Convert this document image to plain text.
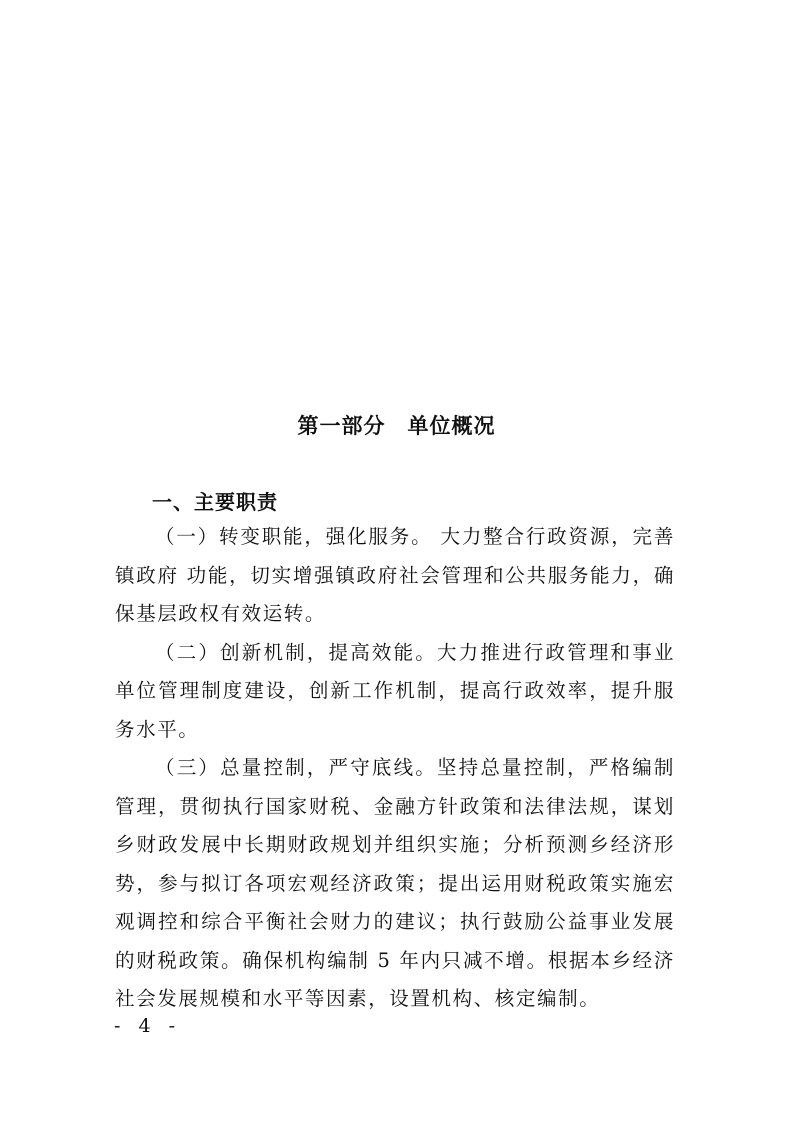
第一部分　单位概况
一、主要职责

（一）转变职能，强化服务。 大力整合行政资源，完善镇政府 功能，切实增强镇政府社会管理和公共服务能力，确保基层政权有效运转。

（二）创新机制，提高效能。大力推进行政管理和事业单位管理制度建设，创新工作机制，提高行政效率，提升服务水平。

（三）总量控制，严守底线。坚持总量控制，严格编制管理，贯彻执行国家财税、金融方针政策和法律法规，谋划乡财政发展中长期财政规划并组织实施；分析预测乡经济形势，参与拟订各项宏观经济政策；提出运用财税政策实施宏观调控和综合平衡社会财力的建议；执行鼓励公益事业发展的财税政策。确保机构编制 5 年内只减不增。根据本乡经济社会发展规模和水平等因素，设置机构、核定编制。

- 4 -
